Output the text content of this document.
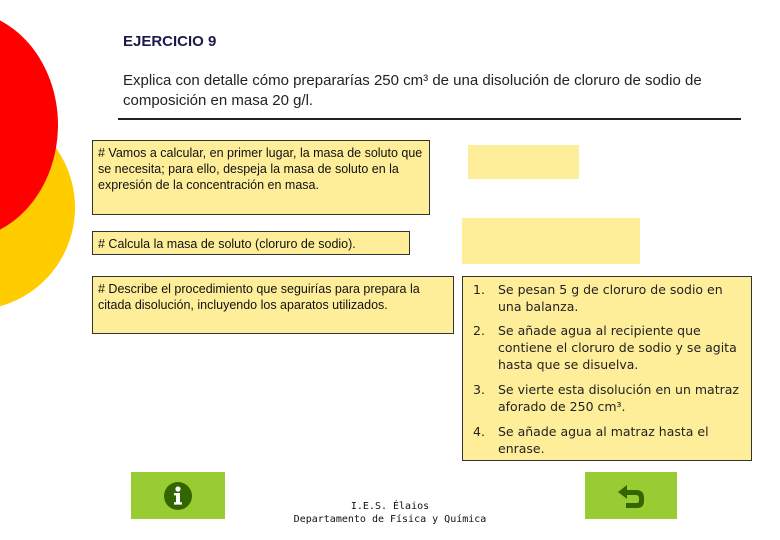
EJERCICIO 9
Explica con detalle cómo prepararías 250 cm³ de una disolución de cloruro de sodio de composición en masa 20 g/l.
# Vamos a calcular, en primer lugar, la masa de soluto que se necesita; para ello, despeja la masa de soluto en la expresión de la concentración en masa.
# Calcula la masa de soluto (cloruro de sodio).
# Describe el procedimiento que seguirías para prepara la citada disolución, incluyendo los aparatos utilizados.
1.	Se pesan 5 g de cloruro de sodio en una balanza.
2.	Se añade agua al recipiente que contiene el cloruro de sodio y se agita hasta que se disuelva.
3.	Se vierte esta disolución en un matraz aforado de 250 cm³.
4.	Se añade agua al matraz hasta el enrase.
I.E.S. Élaios
Departamento de Física y Química
